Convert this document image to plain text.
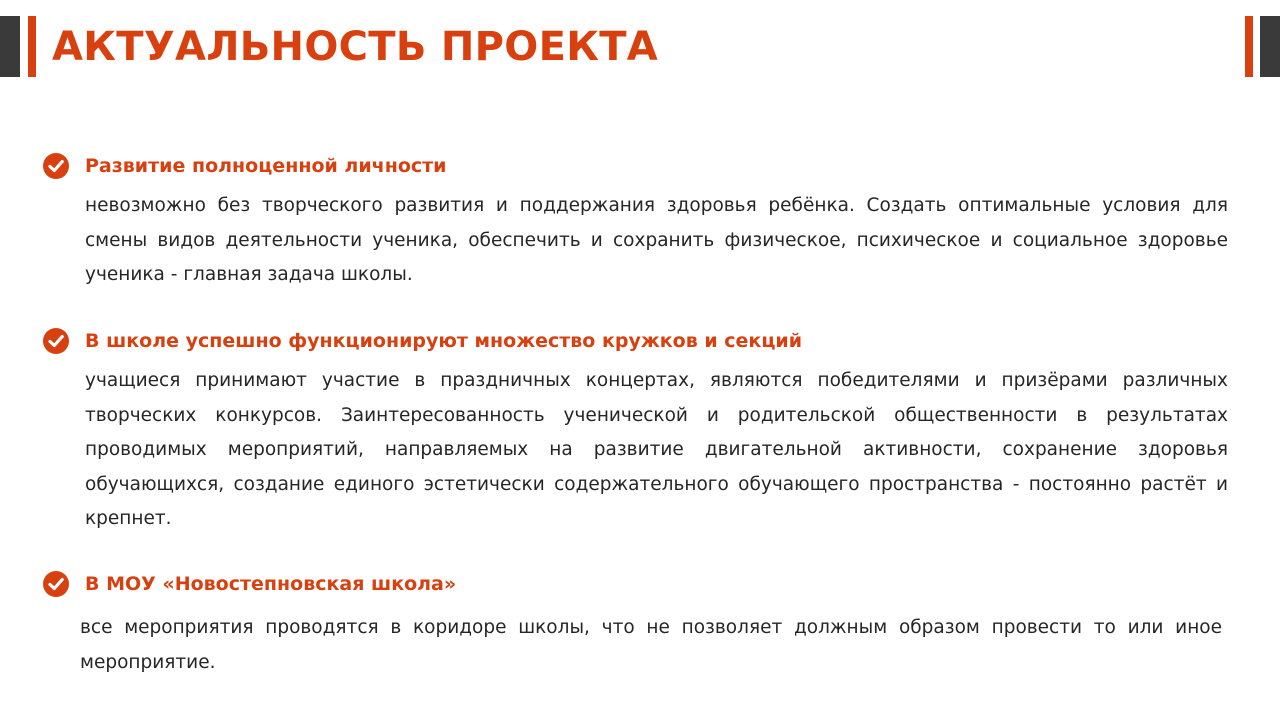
АКТУАЛЬНОСТЬ ПРОЕКТА
Развитие полноценной личности

невозможно без творческого развития и поддержания здоровья ребёнка. Создать оптимальные условия для смены видов деятельности ученика, обеспечить и сохранить физическое, психическое и социальное здоровье ученика - главная задача школы.

В школе успешно функционируют множество кружков и секций

учащиеся принимают участие в праздничных концертах, являются победителями и призёрами различных творческих конкурсов. Заинтересованность ученической и родительской общественности в результатах проводимых мероприятий, направляемых на развитие двигательной активности, сохранение здоровья обучающихся, создание единого эстетически содержательного обучающего пространства - постоянно растёт и крепнет.

В МОУ «Новостепновская школа»

все мероприятия проводятся в коридоре школы, что не позволяет должным образом провести то или иное мероприятие.
